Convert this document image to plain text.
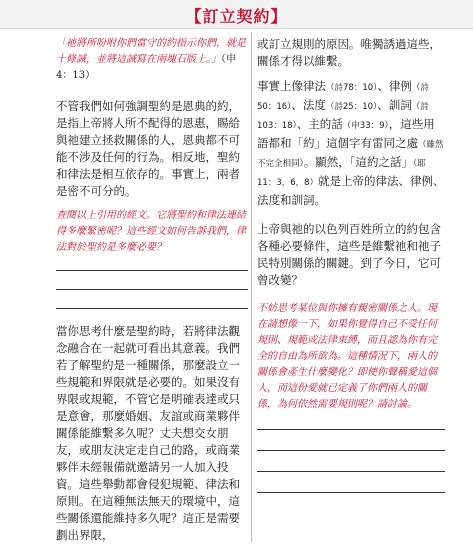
【訂立契約】

「祂將所吩咐你們當守的約指示你們，就是十條誡，並將這誡寫在兩塊石版上。」（申4：13）

不管我們如何強調聖約是恩典的約，是指上帝將人所不配得的恩惠，賜給與祂建立拯救關係的人，恩典都不可能不涉及任何的行為。相反地，聖約和律法是相互依存的。事實上，兩者是密不可分的。

查閱以上引用的經文。它將聖約和律法連結得多麼緊密呢？這些經文如何告訴我們，律法對於聖約是多麼必要？

當你思考什麼是聖約時，若將律法觀念融合在一起就可看出其意義。我們若了解聖約是一種關係，那麼設立一些規範和界限就是必要的。如果沒有界限或規範，不管它是明確表達或只是意會，那麼婚姻、友誼或商業夥伴關係能維繫多久呢？丈夫想交女朋友，或朋友決定走自己的路，或商業夥伴未經報備就邀請另一人加入投資。這些舉動都會侵犯規範、律法和原則。在這種無法無天的環境中，這些關係還能維持多久呢？這正是需要劃出界限，

或訂立規則的原因。唯獨誘過這些，關係才得以維繫。

事實上像律法（詩78：10）、律例（詩50：16）、法度（詩25：10）、訓詞（詩103：18）、主的話（申33：9），這些用語都和「約」這個字有雷同之處（雖然不完全相同）。顯然，「這約之話」（耶11：3，6，8）就是上帝的律法、律例、法度和訓詞。

上帝與祂的以色列百姓所立的約包含各種必要條件，這些是維繫祂和祂子民特別關係的關鍵。到了今日，它可曾改變？

不妨思考某位與你擁有親密關係之人。現在請想像一下，如果你覺得自己不受任何規則、規範或法律束縛，而且認為你有完全的自由為所欲為。這種情況下，兩人的關係會產生什麼變化？即使你聲稱愛這個人，而這份愛就已定義了你們兩人的關係，為何依然需要規則呢？請討論。
